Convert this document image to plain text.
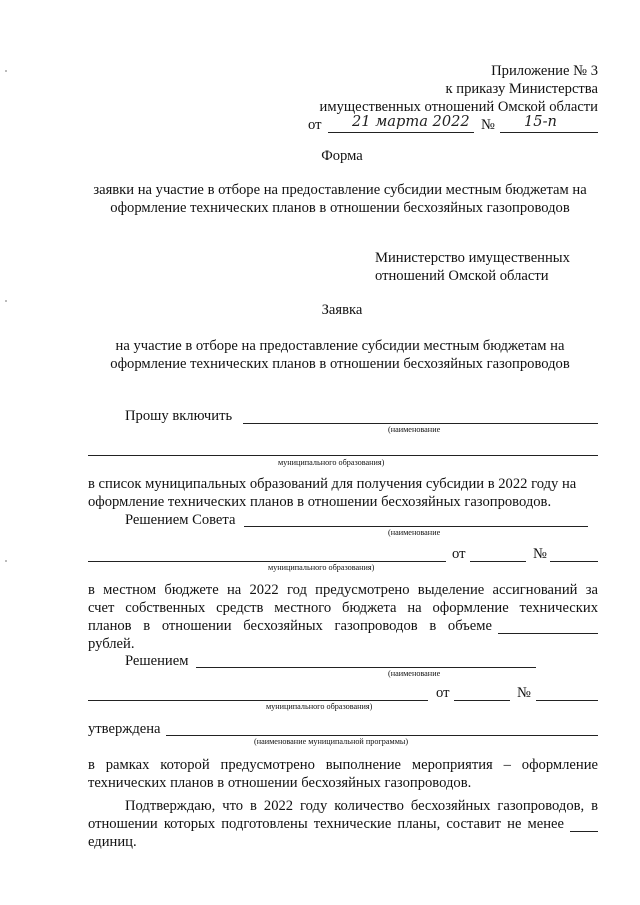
Приложение № 3
к приказу Министерства
имущественных отношений Омской области
от 21 марта 2022 № 15-п
Форма
заявки на участие в отборе на предоставление субсидии местным бюджетам на
оформление технических планов в отношении бесхозяйных газопроводов
Министерство имущественных
отношений Омской области
Заявка
на участие в отборе на предоставление субсидии местным бюджетам на
оформление технических планов в отношении бесхозяйных газопроводов
Прошу включить
(наименование
муниципального образования)
в список муниципальных образований для получения субсидии в 2022 году на
оформление технических планов в отношении бесхозяйных газопроводов.
Решением Совета
(наименование
от	№
муниципального образования)
в местном бюджете на 2022 год предусмотрено выделение ассигнований за
счет собственных средств местного бюджета на оформление технических
планов в отношении бесхозяйных газопроводов в объеме
рублей.
Решением
(наименование
от	№
муниципального образования)
утверждена
(наименование муниципальной программы)
в рамках которой предусмотрено выполнение мероприятия – оформление
технических планов в отношении бесхозяйных газопроводов.
Подтверждаю, что в 2022 году количество бесхозяйных газопроводов, в
отношении которых подготовлены технические планы, составит не менее
единиц.
